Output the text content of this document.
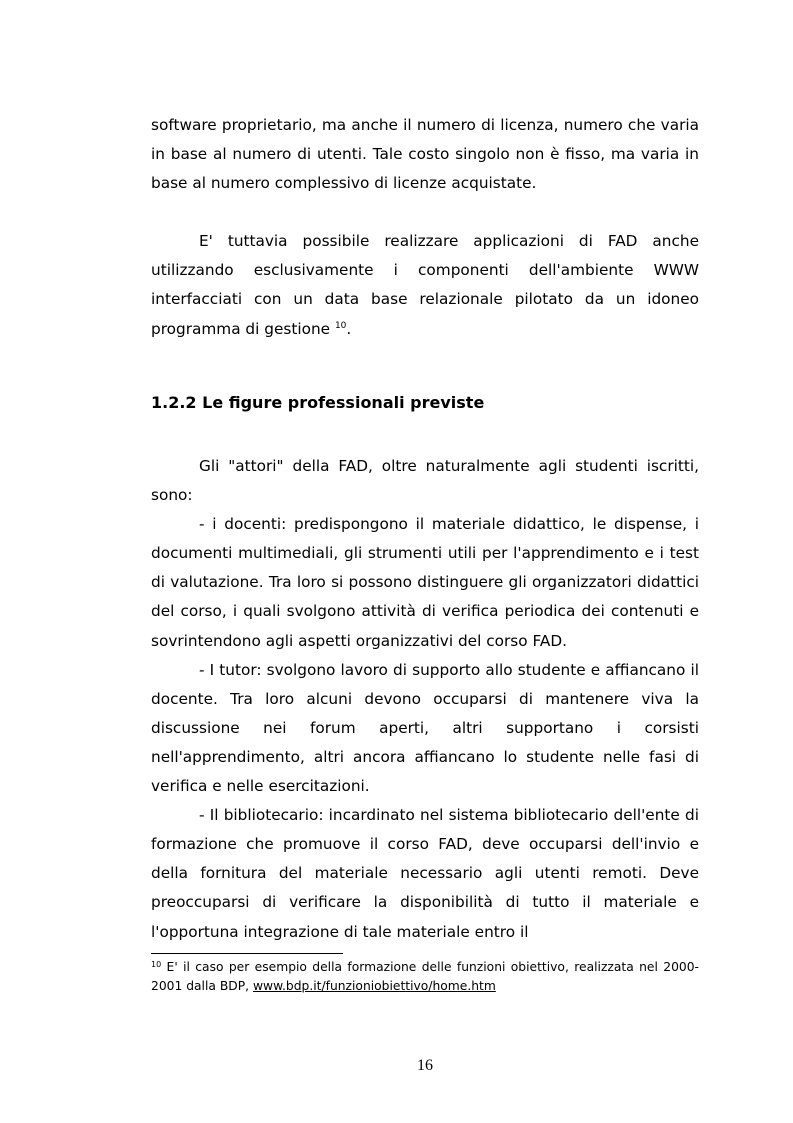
software proprietario, ma anche il numero di licenza, numero che varia in base al numero di utenti. Tale costo singolo non è fisso, ma varia in base al numero complessivo di licenze acquistate.

E' tuttavia possibile realizzare applicazioni di FAD anche utilizzando esclusivamente i componenti dell'ambiente WWW interfacciati con un data base relazionale pilotato da un idoneo programma di gestione $^{10}$.

1.2.2 Le figure professionali previste

Gli "attori" della FAD, oltre naturalmente agli studenti iscritti, sono:

- i docenti: predispongono il materiale didattico, le dispense, i documenti multimediali, gli strumenti utili per l'apprendimento e i test di valutazione. Tra loro si possono distinguere gli organizzatori didattici del corso, i quali svolgono attività di verifica periodica dei contenuti e sovrintendono agli aspetti organizzativi del corso FAD.

- I tutor: svolgono lavoro di supporto allo studente e affiancano il docente. Tra loro alcuni devono occuparsi di mantenere viva la discussione nei forum aperti, altri supportano i corsisti nell'apprendimento, altri ancora affiancano lo studente nelle fasi di verifica e nelle esercitazioni.

- Il bibliotecario: incardinato nel sistema bibliotecario dell'ente di formazione che promuove il corso FAD, deve occuparsi dell'invio e della fornitura del materiale necessario agli utenti remoti. Deve preoccuparsi di verificare la disponibilità di tutto il materiale e l'opportuna integrazione di tale materiale entro il

$^{10}$ E' il caso per esempio della formazione delle funzioni obiettivo, realizzata nel 2000-2001 dalla BDP, www.bdp.it/funzioniobiettivo/home.htm

16
